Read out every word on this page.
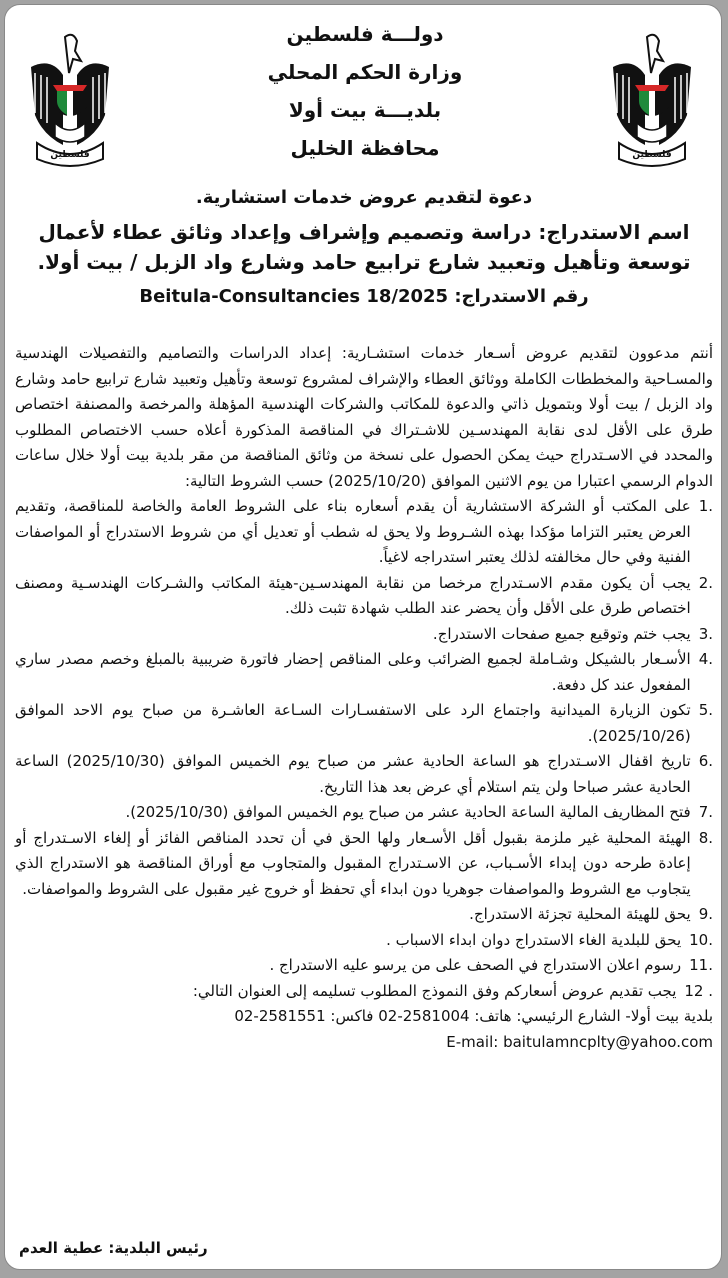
فلسطين
دولـــة فلسطين
وزارة الحكم المحلي
بلديـــة بيت أولا
محافظة الخليل
فلسطين
دعوة لتقديم عروض خدمات استشارية.
اسم الاستدراج: دراسة وتصميم وإشراف وإعداد وثائق عطاء لأعمال توسعة وتأهيل وتعبيد شارع ترابيع حامد وشارع واد الزبل / بيت أولا.
رقم الاستدراج: Beitula-Consultancies 18/2025

أنتم مدعوون لتقديم عروض أسـعار خدمات استشـارية: إعداد الدراسات والتصاميم والتفصيلات الهندسية والمسـاحية والمخططات الكاملة ووثائق العطاء والإشراف لمشروع توسعة وتأهيل وتعبيد شارع ترابيع حامد وشارع واد الزبل / بيت أولا وبتمويل ذاتي والدعوة للمكاتب والشركات الهندسية المؤهلة والمرخصة والمصنفة اختصاص طرق على الأقل لدى نقابة المهندسـين للاشـتراك في المناقصة المذكورة أعلاه حسب الاختصاص المطلوب والمحدد في الاسـتدراج حيث يمكن الحصول على نسخة من وثائق المناقصة من مقر بلدية بيت أولا خلال ساعات الدوام الرسمي اعتبارا من يوم الاثنين الموافق (2025/10/20) حسب الشروط التالية:

1.
على المكتب أو الشركة الاستشارية أن يقدم أسعاره بناء على الشروط العامة والخاصة للمناقصة، وتقديم العرض يعتبر التزاما مؤكدا بهذه الشـروط ولا يحق له شطب أو تعديل أي من شروط الاستدراج أو المواصفات الفنية وفي حال مخالفته لذلك يعتبر استدراجه لاغياً.
2.
يجب أن يكون مقدم الاسـتدراج مرخصا من نقابة المهندسـين-هيئة المكاتب والشـركات الهندسـية ومصنف اختصاص طرق على الأقل وأن يحضر عند الطلب شهادة تثبت ذلك.
3.
يجب ختم وتوقيع جميع صفحات الاستدراج.
4.
الأسـعار بالشيكل وشـاملة لجميع الضرائب وعلى المناقص إحضار فاتورة ضريبية بالمبلغ وخصم مصدر ساري المفعول عند كل دفعة.
5.
تكون الزيارة الميدانية واجتماع الرد على الاستفسـارات السـاعة العاشـرة من صباح يوم الاحد الموافق (2025/10/26).
6.
تاريخ اقفال الاسـتدراج هو الساعة الحادية عشر من صباح يوم الخميس الموافق (2025/10/30) الساعة الحادية عشر صباحا ولن يتم استلام أي عرض بعد هذا التاريخ.
7.
فتح المظاريف المالية الساعة الحادية عشر من صباح يوم الخميس الموافق (2025/10/30).
8.
الهيئة المحلية غير ملزمة بقبول أقل الأسـعار ولها الحق في أن تحدد المناقص الفائز أو إلغاء الاسـتدراج أو إعادة طرحه دون إبداء الأسـباب، عن الاسـتدراج المقبول والمتجاوب مع أوراق المناقصة هو الاستدراج الذي يتجاوب مع الشروط والمواصفات جوهريا دون ابداء أي تحفظ أو خروج غير مقبول على الشروط والمواصفات.
9.
يحق للهيئة المحلية تجزئة الاستدراج.
10.
يحق للبلدية الغاء الاستدراج دوان ابداء الاسباب .
11.
رسوم اعلان الاستدراج في الصحف على من يرسو عليه الاستدراج .
12 .
يجب تقديم عروض أسعاركم وفق النموذج المطلوب تسليمه إلى العنوان التالي:

بلدية بيت أولا- الشارع الرئيسي: هاتف: 2581004-02 فاكس: 2581551-02

E-mail: baitulamncplty@yahoo.com

رئيس البلدية: عطية العدم
